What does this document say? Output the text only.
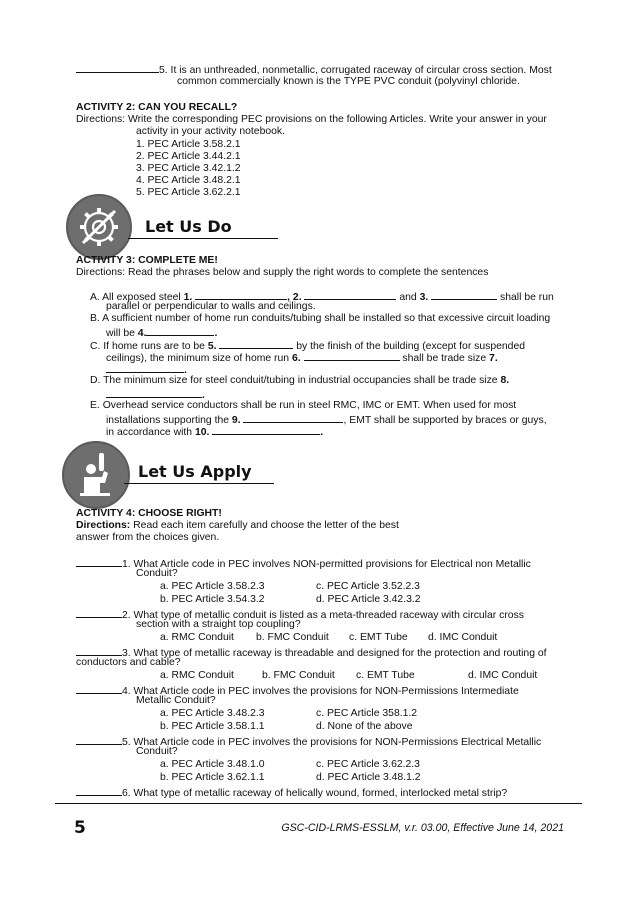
5. It is an unthreaded, nonmetallic, corrugated raceway of circular cross section. Most
common commercially known is the TYPE PVC conduit (polyvinyl chloride.
ACTIVITY 2: CAN YOU RECALL?
Directions: Write the corresponding PEC provisions on the following Articles. Write your answer in your
activity in your activity notebook.
1. PEC Article 3.58.2.1
2. PEC Article 3.44.2.1
3. PEC Article 3.42.1.2
4. PEC Article 3.48.2.1
5. PEC Article 3.62.2.1
Let Us Do
ACTIVITY 3: COMPLETE ME!
Directions: Read the phrases below and supply the right words to complete the sentences
A. All exposed steel 1.	, 2.	and 3.	shall be run
parallel or perpendicular to walls and ceilings.
B. A sufficient number of home run conduits/tubing shall be installed so that excessive circuit loading
will be 4.	.
C. If home runs are to be 5.	by the finish of the building (except for suspended
ceilings), the minimum size of home run 6.	shall be trade size 7.
.
D. The minimum size for steel conduit/tubing in industrial occupancies shall be trade size 8.
.
E. Overhead service conductors shall be run in steel RMC, IMC or EMT. When used for most
installations supporting the 9.	, EMT shall be supported by braces or guys,
in accordance with 10.	.
Let Us Apply
ACTIVITY 4: CHOOSE RIGHT!
Directions: Read each item carefully and choose the letter of the best
answer from the choices given.
1. What Article code in PEC involves NON-permitted provisions for Electrical non Metallic
Conduit?
a. PEC Article 3.58.2.3	c. PEC Article 3.52.2.3
b. PEC Article 3.54.3.2	d. PEC Article 3.42.3.2
2. What type of metallic conduit is listed as a meta-threaded raceway with circular cross
section with a straight top coupling?
a. RMC Conduit b. FMC Conduit c. EMT Tube d. IMC Conduit
3. What type of metallic raceway is threadable and designed for the protection and routing of
conductors and cable?
a. RMC Conduit	b. FMC Conduit c. EMT Tube	d. IMC Conduit
4. What Article code in PEC involves the provisions for NON-Permissions Intermediate
Metallic Conduit?
a. PEC Article 3.48.2.3	c. PEC Article 358.1.2
b. PEC Article 3.58.1.1	d. None of the above
5. What Article code in PEC involves the provisions for NON-Permissions Electrical Metallic
Conduit?
a. PEC Article 3.48.1.0	c. PEC Article 3.62.2.3
b. PEC Article 3.62.1.1	d. PEC Article 3.48.1.2
6. What type of metallic raceway of helically wound, formed, interlocked metal strip?
5	GSC-CID-LRMS-ESSLM, v.r. 03.00, Effective June 14, 2021
